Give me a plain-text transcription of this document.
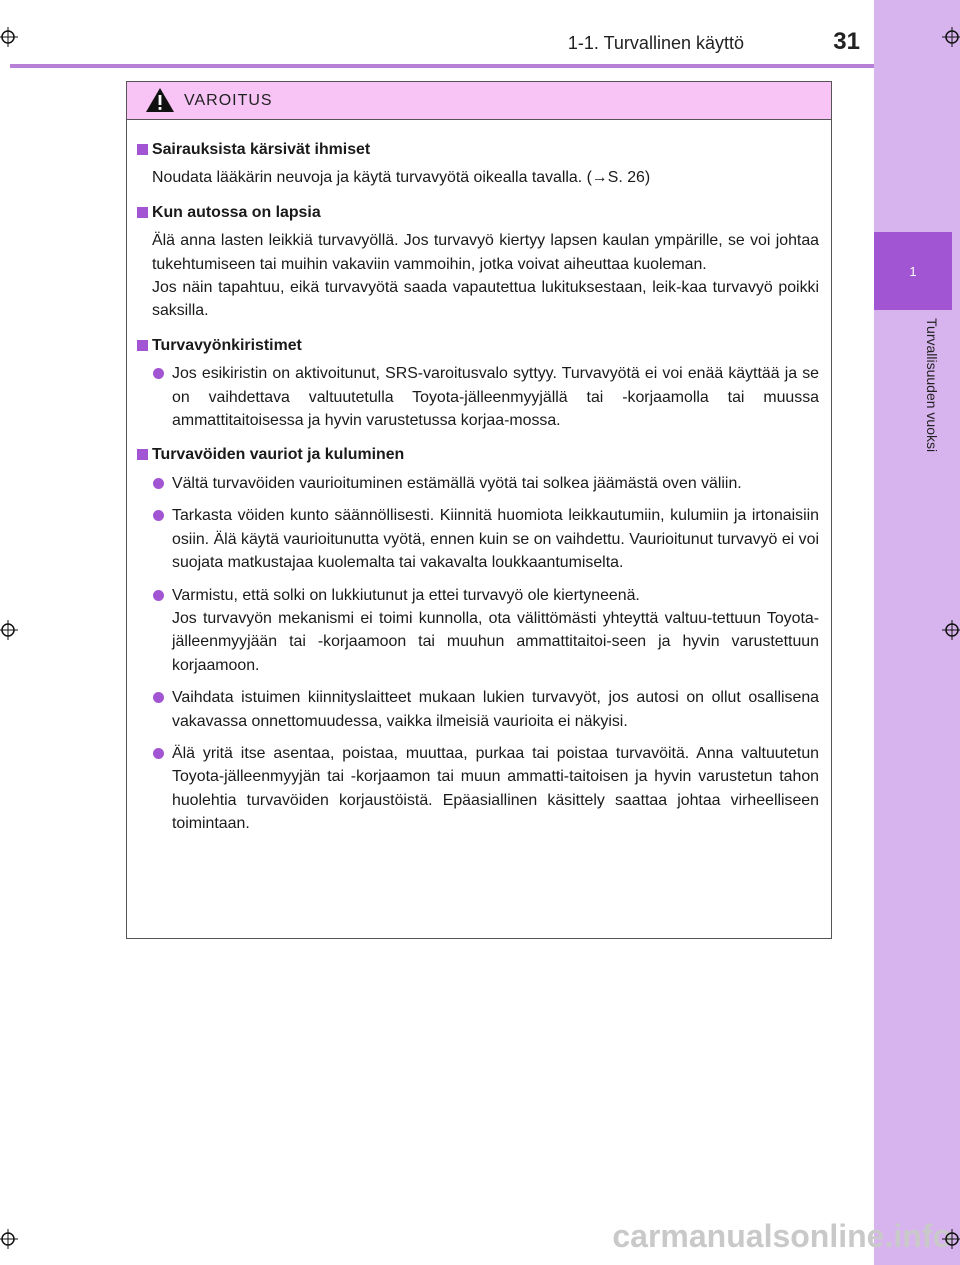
1-1. Turvallinen käyttö	31
1
Turvallisuuden vuoksi
VAROITUS
Sairauksista kärsivät ihmiset
Noudata lääkärin neuvoja ja käytä turvavyötä oikealla tavalla. (→S. 26)
Kun autossa on lapsia
Älä anna lasten leikkiä turvavyöllä. Jos turvavyö kiertyy lapsen kaulan ympärille, se voi johtaa tukehtumiseen tai muihin vakaviin vammoihin, jotka voivat aiheuttaa kuoleman.
Jos näin tapahtuu, eikä turvavyötä saada vapautettua lukituksestaan, leik-kaa turvavyö poikki saksilla.
Turvavyönkiristimet
Jos esikiristin on aktivoitunut, SRS-varoitusvalo syttyy. Turvavyötä ei voi enää käyttää ja se on vaihdettava valtuutetulla Toyota-jälleenmyyjällä tai -korjaamolla tai muussa ammattitaitoisessa ja hyvin varustetussa korjaa-mossa.
Turvavöiden vauriot ja kuluminen
Vältä turvavöiden vaurioituminen estämällä vyötä tai solkea jäämästä oven väliin.
Tarkasta vöiden kunto säännöllisesti. Kiinnitä huomiota leikkautumiin, kulumiin ja irtonaisiin osiin. Älä käytä vaurioitunutta vyötä, ennen kuin se on vaihdettu. Vaurioitunut turvavyö ei voi suojata matkustajaa kuolemalta tai vakavalta loukkaantumiselta.
Varmistu, että solki on lukkiutunut ja ettei turvavyö ole kiertyneenä.
Jos turvavyön mekanismi ei toimi kunnolla, ota välittömästi yhteyttä valtuu-tettuun Toyota-jälleenmyyjään tai -korjaamoon tai muuhun ammattitaitoi-seen ja hyvin varustettuun korjaamoon.
Vaihdata istuimen kiinnityslaitteet mukaan lukien turvavyöt, jos autosi on ollut osallisena vakavassa onnettomuudessa, vaikka ilmeisiä vaurioita ei näkyisi.
Älä yritä itse asentaa, poistaa, muuttaa, purkaa tai poistaa turvavöitä. Anna valtuutetun Toyota-jälleenmyyjän tai -korjaamon tai muun ammatti-taitoisen ja hyvin varustetun tahon huolehtia turvavöiden korjaustöistä. Epäasiallinen käsittely saattaa johtaa virheelliseen toimintaan.
carmanualsonline.info
